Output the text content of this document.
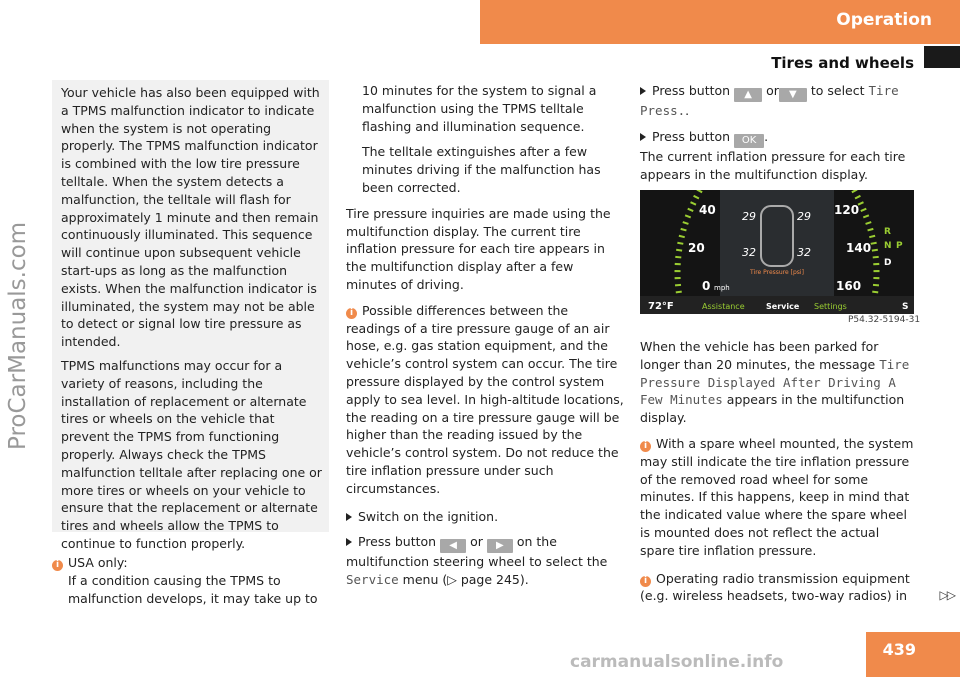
Operation
Tires and wheels
ProCarManuals.com

Your vehicle has also been equipped with a TPMS malfunction indicator to indicate when the system is not operating properly. The TPMS malfunction indicator is combined with the low tire pressure telltale. When the system detects a malfunction, the telltale will flash for approximately 1 minute and then remain continuously illuminated. This sequence will continue upon subsequent vehicle start-ups as long as the malfunction exists. When the malfunction indicator is illuminated, the system may not be able to detect or signal low tire pressure as intended.

TPMS malfunctions may occur for a variety of reasons, including the installation of replacement or alternate tires or wheels on the vehicle that prevent the TPMS from functioning properly. Always check the TPMS malfunction telltale after replacing one or more tires or wheels on your vehicle to ensure that the replacement or alternate tires and wheels allow the TPMS to continue to function properly.

i USA only:
If a condition causing the TPMS to malfunction develops, it may take up to

10 minutes for the system to signal a malfunction using the TPMS telltale flashing and illumination sequence.

The telltale extinguishes after a few minutes driving if the malfunction has been corrected.

Tire pressure inquiries are made using the multifunction display. The current tire inflation pressure for each tire appears in the multifunction display after a few minutes of driving.

i Possible differences between the readings of a tire pressure gauge of an air hose, e.g. gas station equipment, and the vehicle’s control system can occur. The tire pressure displayed by the control system apply to sea level. In high-altitude locations, the reading on a tire pressure gauge will be higher than the reading issued by the vehicle’s control system. Do not reduce the tire inflation pressure under such circumstances.

Switch on the ignition.

Press button ◀ or ▶ on the multifunction steering wheel to select the Service menu (▷ page 245).

Press button ▲ or ▼ to select Tire Press..

Press button OK .
The current inflation pressure for each tire appears in the multifunction display.

40
20
0 mph
120
140
160
29	29
32	32
Tire Pressure [psi]
72°F	Assistance	Service Settings
R
N P
D
S
P54.32-5194-31

When the vehicle has been parked for longer than 20 minutes, the message Tire Pressure Displayed After Driving A Few Minutes appears in the multifunction display.

i With a spare wheel mounted, the system may still indicate the tire inflation pressure of the removed road wheel for some minutes. If this happens, keep in mind that the indicated value where the spare wheel is mounted does not reflect the actual spare tire inflation pressure.
i Operating radio transmission equipment (e.g. wireless headsets, two-way radios) in	▷▷
439
carmanualsonline.info
